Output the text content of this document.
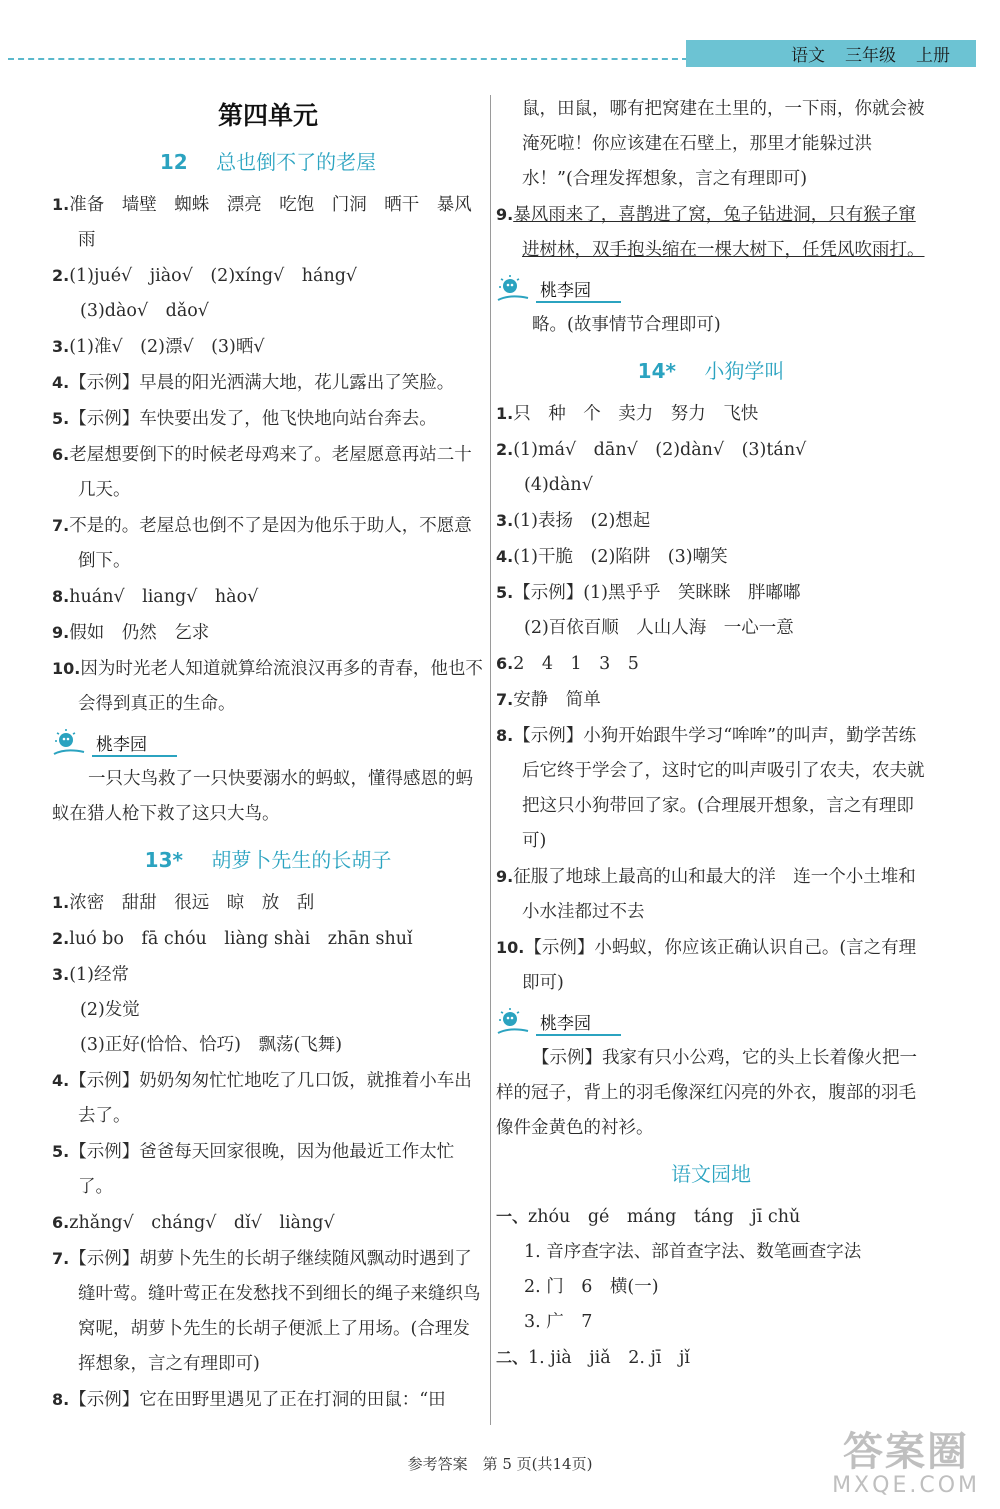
语文 三年级 上册
第四单元
12 总也倒不了的老屋

1.准备　墙壁　蜘蛛　漂亮　吃饱　门洞　晒干　暴风雨

2.(1)jué√　jiào√　(2)xíng√　háng√

(3)dào√　dǎo√

3.(1)准√　(2)漂√　(3)晒√

4.【示例】早晨的阳光洒满大地，花儿露出了笑脸。

5.【示例】车快要出发了，他飞快地向站台奔去。

6.老屋想要倒下的时候老母鸡来了。老屋愿意再站二十几天。

7.不是的。老屋总也倒不了是因为他乐于助人，不愿意倒下。

8.huán√　liang√　hào√

9.假如　仍然　乞求

10.因为时光老人知道就算给流浪汉再多的青春，他也不会得到真正的生命。

桃李园

一只大鸟救了一只快要溺水的蚂蚁，懂得感恩的蚂蚁在猎人枪下救了这只大鸟。

13* 胡萝卜先生的长胡子

1.浓密　甜甜　很远　晾　放　刮

2.luó bo　fā chóu　liàng shài　zhān shuǐ

3.(1)经常

(2)发觉

(3)正好(恰恰、恰巧)　飘荡(飞舞)

4.【示例】奶奶匆匆忙忙地吃了几口饭，就推着小车出去了。

5.【示例】爸爸每天回家很晚，因为他最近工作太忙了。

6.zhǎng√　cháng√　dǐ√　liàng√

7.【示例】胡萝卜先生的长胡子继续随风飘动时遇到了缝叶莺。缝叶莺正在发愁找不到细长的绳子来缝织鸟窝呢，胡萝卜先生的长胡子便派上了用场。(合理发挥想象，言之有理即可)

8.【示例】它在田野里遇见了正在打洞的田鼠：“田

鼠，田鼠，哪有把窝建在土里的，一下雨，你就会被淹死啦！你应该建在石壁上，那里才能躲过洪水！”(合理发挥想象，言之有理即可)

9.暴风雨来了，喜鹊进了窝，兔子钻进洞，只有猴子窜进树林，双手抱头缩在一棵大树下，任凭风吹雨打。

桃李园

略。(故事情节合理即可)

14* 小狗学叫

1.只　种　个　卖力　努力　飞快

2.(1)má√　dān√　(2)dàn√　(3)tán√

(4)dàn√

3.(1)表扬　(2)想起

4.(1)干脆　(2)陷阱　(3)嘲笑

5.【示例】(1)黑乎乎　笑眯眯　胖嘟嘟

(2)百依百顺　人山人海　一心一意

6.2　4　1　3　5

7.安静　简单

8.【示例】小狗开始跟牛学习“哞哞”的叫声，勤学苦练后它终于学会了，这时它的叫声吸引了农夫，农夫就把这只小狗带回了家。(合理展开想象，言之有理即可)

9.征服了地球上最高的山和最大的洋　连一个小土堆和小水洼都过不去

10.【示例】小蚂蚁，你应该正确认识自己。(言之有理即可)

桃李园

【示例】我家有只小公鸡，它的头上长着像火把一样的冠子，背上的羽毛像深红闪亮的外衣，腹部的羽毛像件金黄色的衬衫。

语文园地

一、zhóu　gé　máng　táng　jī chǔ

1. 音序查字法、部首查字法、数笔画查字法

2. 门　6　横(一)

3. 广　7

二、1. jià　jiǎ　2. jī　jǐ

参考答案　第 5 页(共14页)	答案圈
MXQE.COM
